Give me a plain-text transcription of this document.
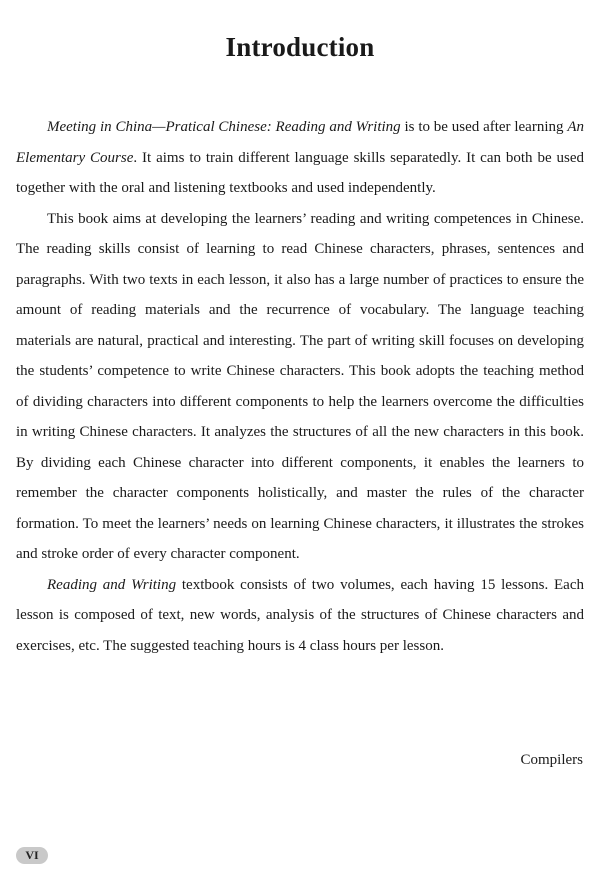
Introduction

Meeting in China—Pratical Chinese: Reading and Writing is to be used after learning An Elementary Course. It aims to train different language skills separatedly. It can both be used together with the oral and listening textbooks and used independently.

This book aims at developing the learners’ reading and writing competences in Chinese. The reading skills consist of learning to read Chinese characters, phrases, sentences and paragraphs. With two texts in each lesson, it also has a large number of practices to ensure the amount of reading materials and the recurrence of vocabulary. The language teaching materials are natural, practical and interesting. The part of writing skill focuses on developing the students’ competence to write Chinese characters. This book adopts the teaching method of dividing characters into different components to help the learners overcome the difficulties in writing Chinese characters. It analyzes the structures of all the new characters in this book. By dividing each Chinese character into different components, it enables the learners to remember the character components holistically, and master the rules of the character formation. To meet the learners’ needs on learning Chinese characters, it illustrates the strokes and stroke order of every character component.

Reading and Writing textbook consists of two volumes, each having 15 lessons. Each lesson is composed of text, new words, analysis of the structures of Chinese characters and exercises, etc. The suggested teaching hours is 4 class hours per lesson.

Compilers
VI
